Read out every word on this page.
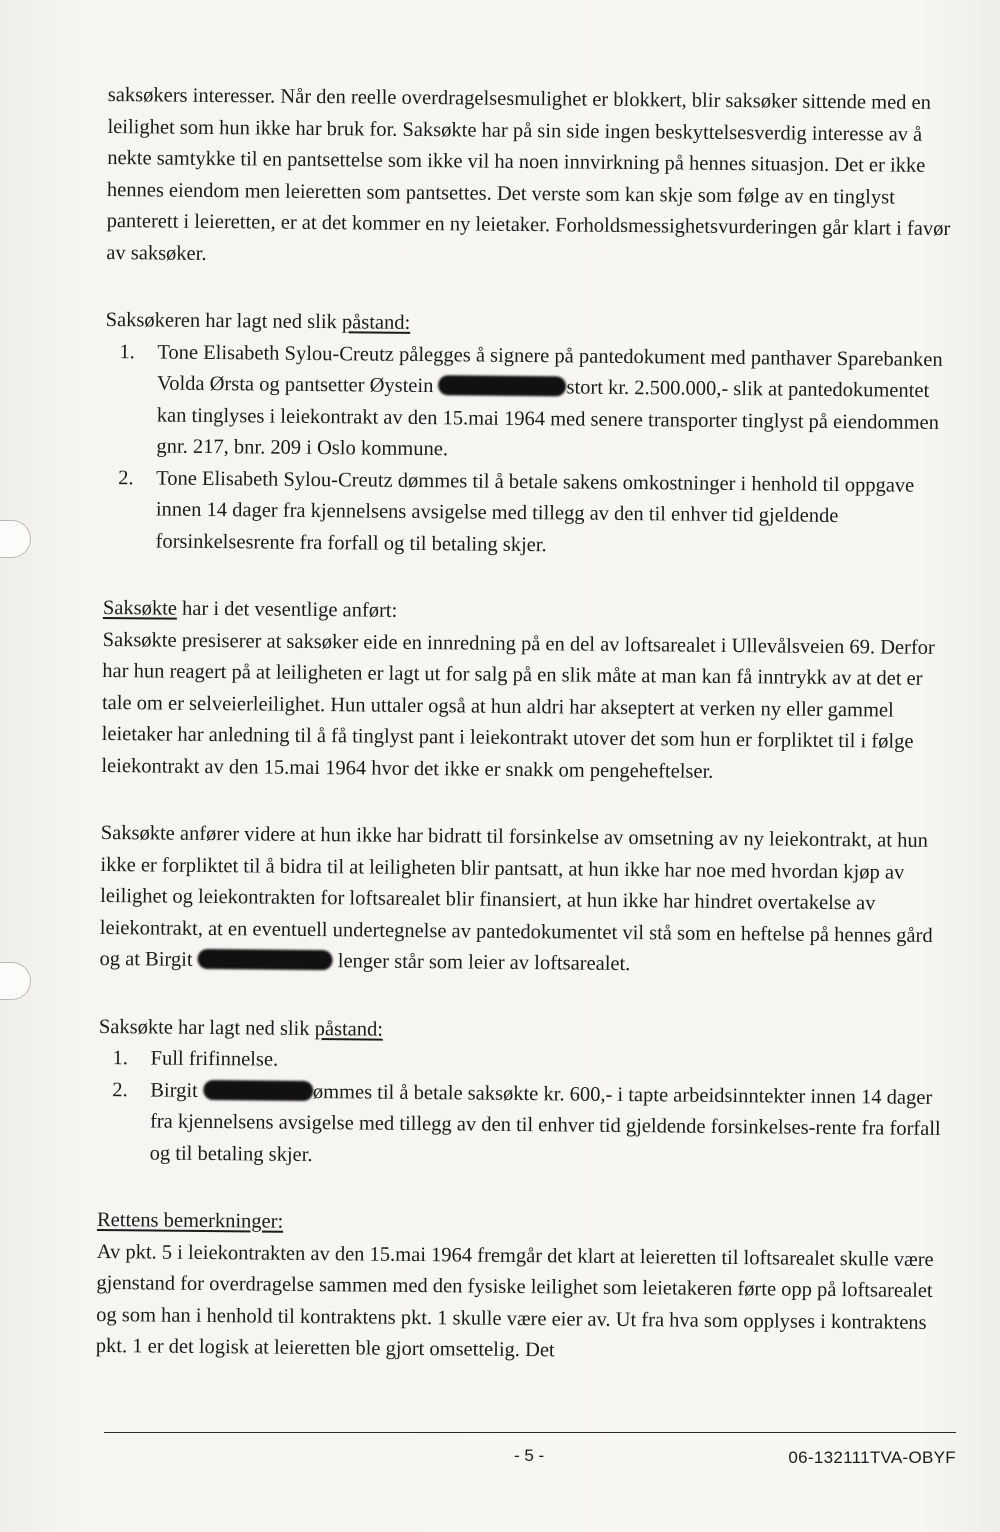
saksøkers interesser. Når den reelle overdragelsesmulighet er blokkert, blir saksøker sittende med en leilighet som hun ikke har bruk for. Saksøkte har på sin side ingen beskyttelsesverdig interesse av å nekte samtykke til en pantsettelse som ikke vil ha noen innvirkning på hennes situasjon. Det er ikke hennes eiendom men leieretten som pantsettes. Det verste som kan skje som følge av en tinglyst panterett i leieretten, er at det kommer en ny leietaker. Forholdsmessighetsvurderingen går klart i favør av saksøker.

Saksøkeren har lagt ned slik påstand:

1.	Tone Elisabeth Sylou-Creutz pålegges å signere på pantedokument med panthaver Sparebanken Volda Ørsta og pantsetter Øystein	stort kr. 2.500.000,- slik at pantedokumentet kan tinglyses i leiekontrakt av den 15.mai 1964 med senere transporter tinglyst på eiendommen gnr. 217, bnr. 209 i Oslo kommune.
2.	Tone Elisabeth Sylou-Creutz dømmes til å betale sakens omkostninger i henhold til oppgave innen 14 dager fra kjennelsens avsigelse med tillegg av den til enhver tid gjeldende forsinkelsesrente fra forfall og til betaling skjer.

Saksøkte har i det vesentlige anført:

Saksøkte presiserer at saksøker eide en innredning på en del av loftsarealet i Ullevålsveien 69. Derfor har hun reagert på at leiligheten er lagt ut for salg på en slik måte at man kan få inntrykk av at det er tale om er selveierleilighet. Hun uttaler også at hun aldri har akseptert at verken ny eller gammel leietaker har anledning til å få tinglyst pant i leiekontrakt utover det som hun er forpliktet til i følge leiekontrakt av den 15.mai 1964 hvor det ikke er snakk om pengeheftelser.

Saksøkte anfører videre at hun ikke har bidratt til forsinkelse av omsetning av ny leiekontrakt, at hun ikke er forpliktet til å bidra til at leiligheten blir pantsatt, at hun ikke har noe med hvordan kjøp av leilighet og leiekontrakten for loftsarealet blir finansiert, at hun ikke har hindret overtakelse av leiekontrakt, at en eventuell undertegnelse av pantedokumentet vil stå som en heftelse på hennes gård og at Birgit	lenger står som leier av loftsarealet.

Saksøkte har lagt ned slik påstand:

1.	Full frifinnelse.
2.	Birgit	ømmes til å betale saksøkte kr. 600,- i tapte arbeidsinntekter innen 14 dager fra kjennelsens avsigelse med tillegg av den til enhver tid gjeldende forsinkelses-rente fra forfall og til betaling skjer.

Rettens bemerkninger:

Av pkt. 5 i leiekontrakten av den 15.mai 1964 fremgår det klart at leieretten til loftsarealet skulle være gjenstand for overdragelse sammen med den fysiske leilighet som leietakeren førte opp på loftsarealet og som han i henhold til kontraktens pkt. 1 skulle være eier av. Ut fra hva som opplyses i kontraktens pkt. 1 er det logisk at leieretten ble gjort omsettelig. Det

- 5 -	06-132111TVA-OBYF
